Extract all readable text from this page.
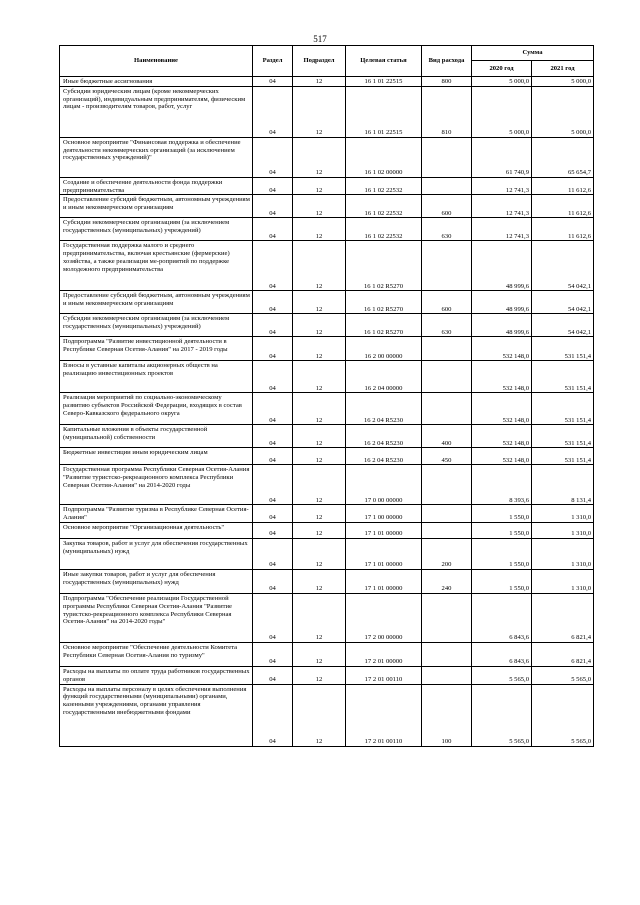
517
Наименование	Раздел	Подраздел	Целевая статья	Вид расхода	Сумма	
					2020 год	2021 год
Иные бюджетные ассигнования	04	12	16 1 01 22515	800	5 000,0	5 000,0
Субсидии юридическим лицам (кроме некоммерческих организаций), индивидуальным предпринимателям, физическим лицам - производителям товаров, работ, услуг	04	12	16 1 01 22515	810	5 000,0	5 000,0
Основное мероприятие "Финансовая поддержка и обеспечение деятельности некоммерческих организаций (за исключением государственных учреждений)"	04	12	16 1 02 00000		61 740,9	65 654,7
Создание и обеспечение деятельности фонда поддержки предпринимательства	04	12	16 1 02 22532		12 741,3	11 612,6
Предоставление субсидий бюджетным, автономным учреждениям и иным некоммерческим организациям	04	12	16 1 02 22532	600	12 741,3	11 612,6
Субсидии некоммерческим организациям (за исключением государственных (муниципальных) учреждений)	04	12	16 1 02 22532	630	12 741,3	11 612,6
Государственная поддержка малого и среднего предпринимательства, включая крестьянские (фермерские) хозяйства, а также реализация ме-роприятий по поддержке молодежного предпринимательства	04	12	16 1 02 R5270		48 999,6	54 042,1
Предоставление субсидий бюджетным, автономным учреждениям и иным некоммерческим организациям	04	12	16 1 02 R5270	600	48 999,6	54 042,1
Субсидии некоммерческим организациям (за исключением государственных (муниципальных) учреждений)	04	12	16 1 02 R5270	630	48 999,6	54 042,1
Подпрограмма "Развитие инвестиционной деятельности в Республике Северная Осетия-Алания" на 2017 - 2019 годы	04	12	16 2 00 00000		532 148,0	531 151,4
Взносы в уставные капиталы акционерных обществ на реализацию инвестиционных проектов	04	12	16 2 04 00000		532 148,0	531 151,4
Реализация мероприятий по социально-экономическому развитию субъектов Российской Федерации, входящих в состав Северо-Кавказского федерального округа	04	12	16 2 04 R5230		532 148,0	531 151,4
Капитальные вложения в объекты государственной (муниципальной) собственности	04	12	16 2 04 R5230	400	532 148,0	531 151,4
Бюджетные инвестиции иным юридическим лицам	04	12	16 2 04 R5230	450	532 148,0	531 151,4
Государственная программа Республики Северная Осетия-Алания "Развитие туристско-рекреационного комплекса Республики Северная Осетия-Алания" на 2014-2020 годы	04	12	17 0 00 00000		8 393,6	8 131,4
Подпрограмма "Развитие туризма в Республике Северная Осетия-Алания"	04	12	17 1 00 00000		1 550,0	1 310,0
Основное мероприятие "Организационная деятельность"	04	12	17 1 01 00000		1 550,0	1 310,0
Закупка товаров, работ и услуг для обеспечения государственных (муниципальных) нужд	04	12	17 1 01 00000	200	1 550,0	1 310,0
Иные закупки товаров, работ и услуг для обеспечения государственных (муниципальных) нужд	04	12	17 1 01 00000	240	1 550,0	1 310,0
Подпрограмма "Обеспечение реализации Государственной программы Республики Северная Осетия-Алания "Развитие туристско-рекреационного комплекса Республики Северная Осетия-Алания" на 2014-2020 годы"	04	12	17 2 00 00000		6 843,6	6 821,4
Основное мероприятие "Обеспечение деятельности Комитета Республики Северная Осетия-Алания по туризму"	04	12	17 2 01 00000		6 843,6	6 821,4
Расходы на выплаты по оплате труда работников государственных органов	04	12	17 2 01 00110		5 565,0	5 565,0
Расходы на выплаты персоналу в целях обеспечения выполнения функций государственными (муниципальными) органами, казенными учреждениями, органами управления государственными внебюджетными фондами	04	12	17 2 01 00110	100	5 565,0	5 565,0
